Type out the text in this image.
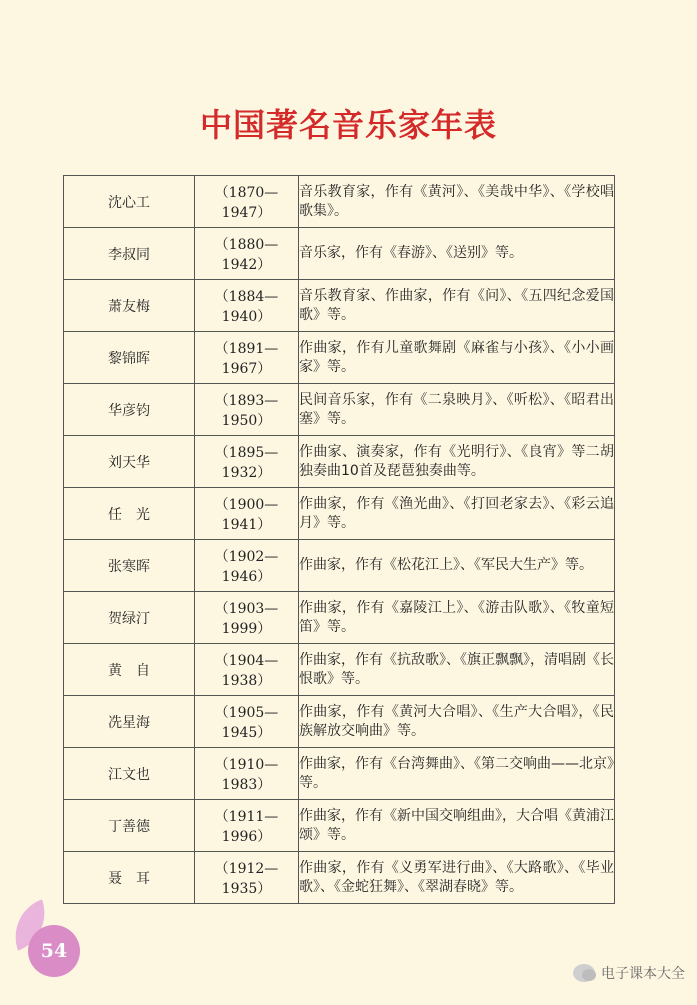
中国著名音乐家年表
沈心工	（1870—1947）	音乐教育家，作有《黄河》、《美哉中华》、《学校唱歌集》。
李叔同	（1880—1942）	音乐家，作有《春游》、《送别》等。
萧友梅	（1884—1940）	音乐教育家、作曲家，作有《问》、《五四纪念爱国歌》等。
黎锦晖	（1891—1967）	作曲家，作有儿童歌舞剧《麻雀与小孩》、《小小画家》等。
华彦钧	（1893—1950）	民间音乐家，作有《二泉映月》、《听松》、《昭君出塞》等。
刘天华	（1895—1932）	作曲家、演奏家，作有《光明行》、《良宵》等二胡独奏曲10首及琵琶独奏曲等。
任　光	（1900—1941）	作曲家，作有《渔光曲》、《打回老家去》、《彩云追月》等。
张寒晖	（1902—1946）	作曲家，作有《松花江上》、《军民大生产》等。
贺绿汀	（1903—1999）	作曲家，作有《嘉陵江上》、《游击队歌》、《牧童短笛》等。
黄　自	（1904—1938）	作曲家，作有《抗敌歌》、《旗正飘飘》，清唱剧《长恨歌》等。
冼星海	（1905—1945）	作曲家，作有《黄河大合唱》、《生产大合唱》，《民族解放交响曲》等。
江文也	（1910—1983）	作曲家，作有《台湾舞曲》、《第二交响曲——北京》等。
丁善德	（1911—1996）	作曲家，作有《新中国交响组曲》，大合唱《黄浦江颂》等。
聂　耳	（1912—1935）	作曲家，作有《义勇军进行曲》、《大路歌》、《毕业歌》、《金蛇狂舞》、《翠湖春晓》等。
54
电子课本大全
